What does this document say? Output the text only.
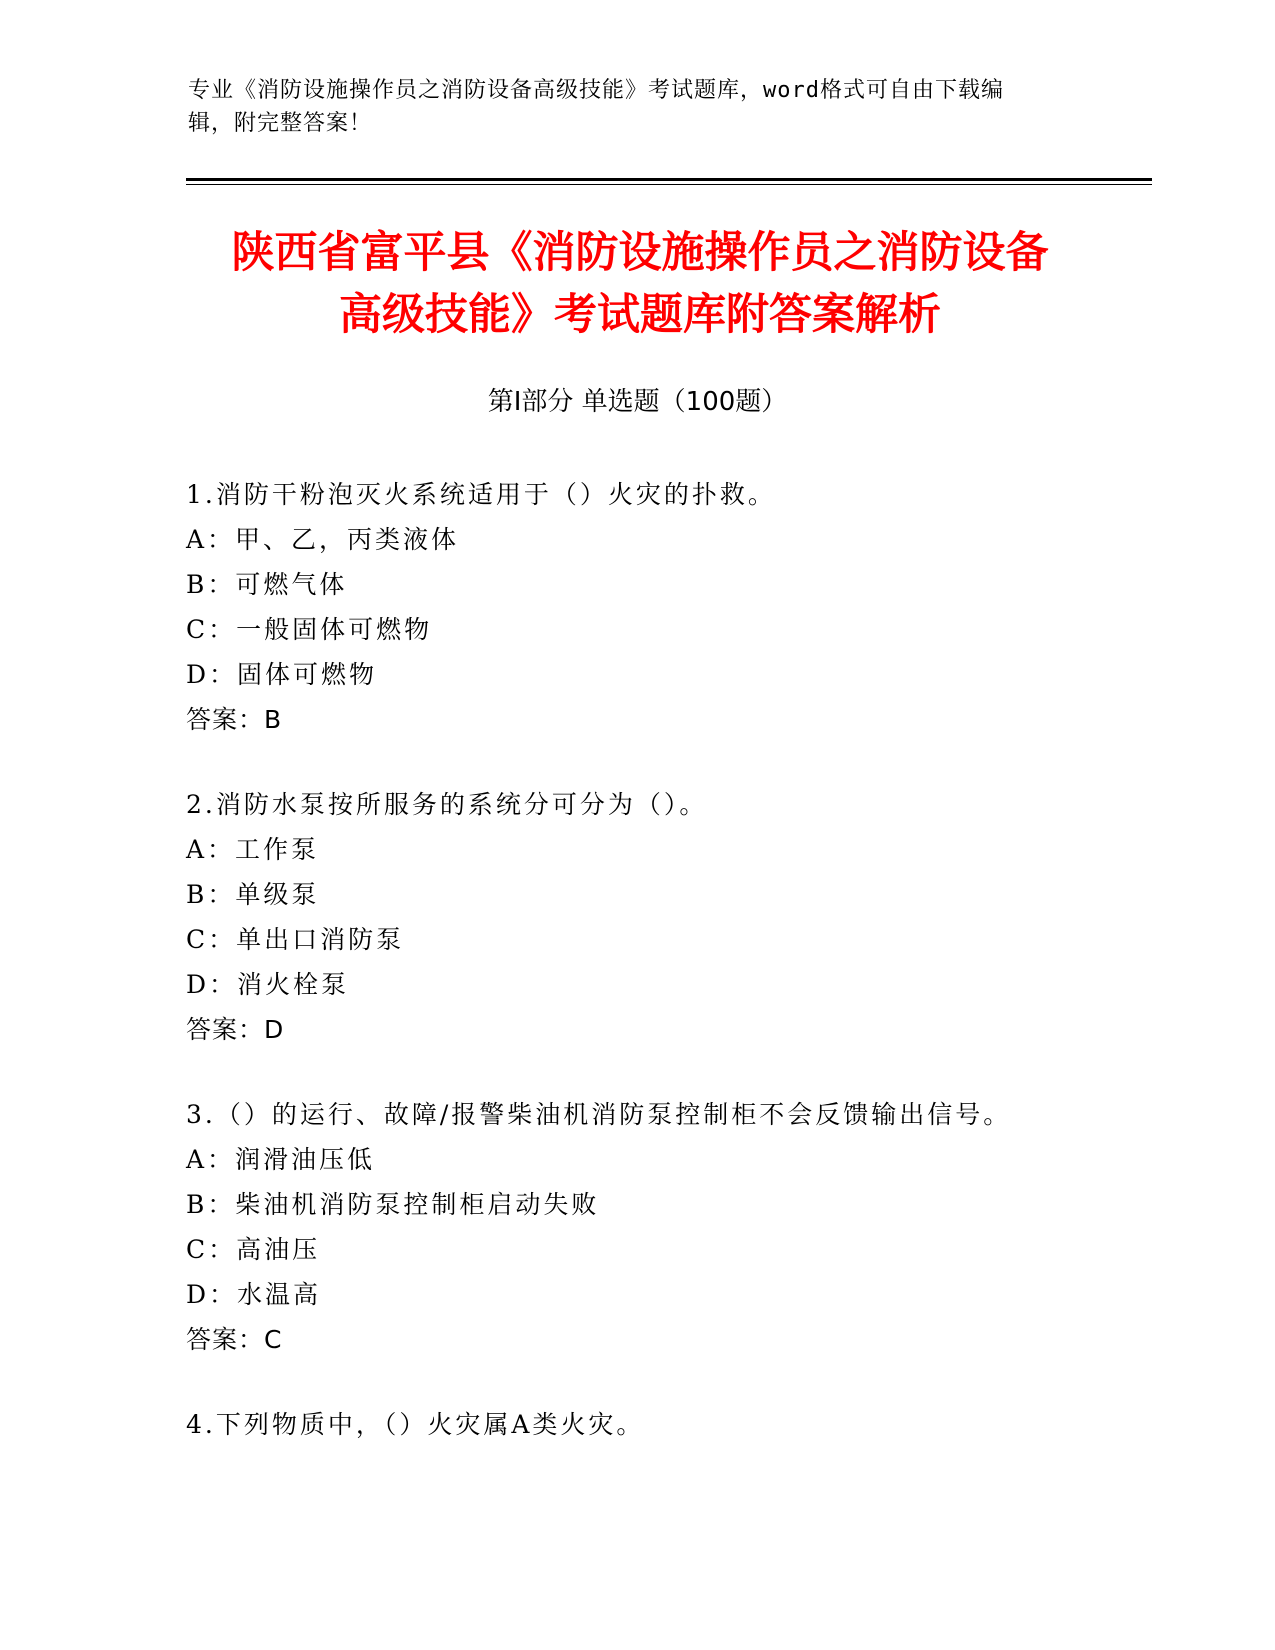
专业《消防设施操作员之消防设备高级技能》考试题库，word格式可自由下载编
辑，附完整答案！
陕西省富平县《消防设施操作员之消防设备
高级技能》考试题库附答案解析
第Ⅰ部分 单选题（100题）
1.消防干粉泡灭火系统适用于（）火灾的扑救。
A：甲、乙，丙类液体
B：可燃气体
C：一般固体可燃物
D：固体可燃物
答案：B
2.消防水泵按所服务的系统分可分为（）。
A：工作泵
B：单级泵
C：单出口消防泵
D：消火栓泵
答案：D
3.（）的运行、故障/报警柴油机消防泵控制柜不会反馈输出信号。
A：润滑油压低
B：柴油机消防泵控制柜启动失败
C：高油压
D：水温高
答案：C
4.下列物质中，（）火灾属A类火灾。
